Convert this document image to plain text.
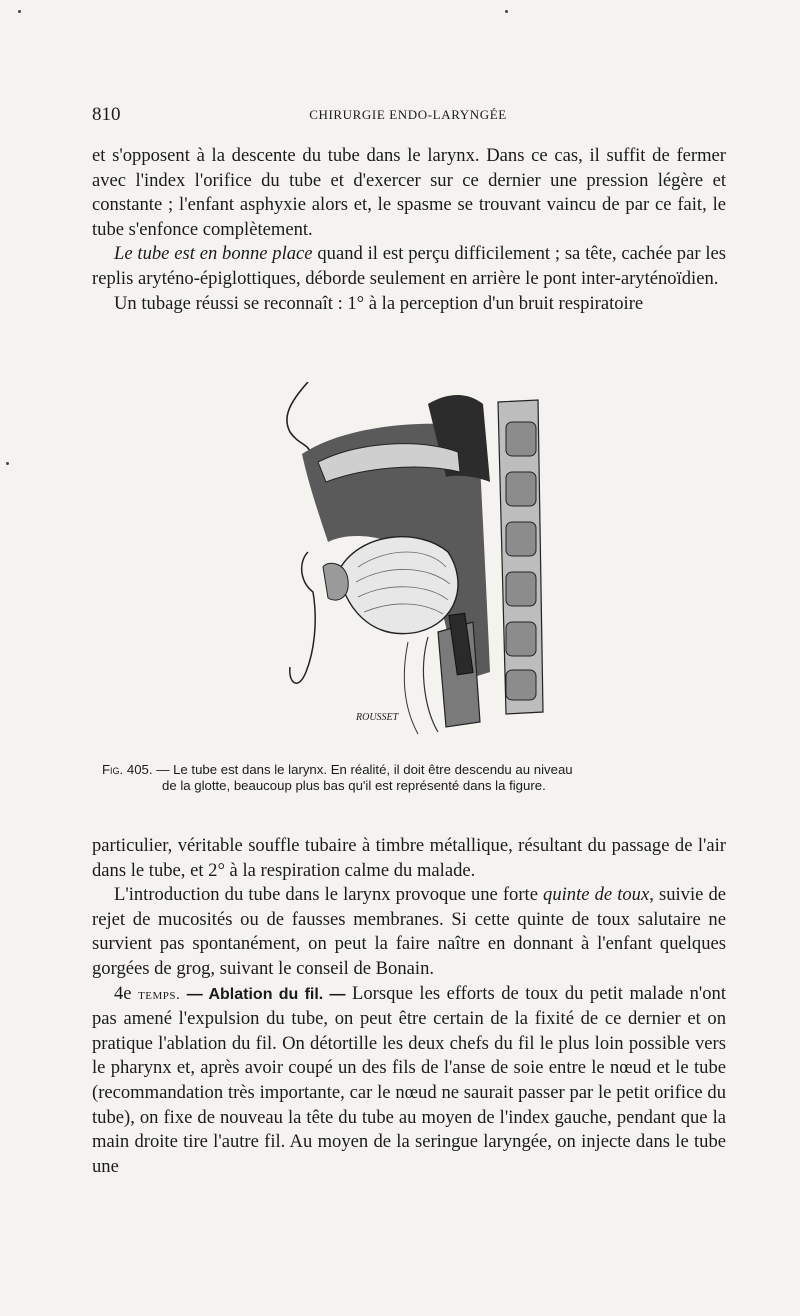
810	CHIRURGIE ENDO-LARYNGÉE

et s'opposent à la descente du tube dans le larynx. Dans ce cas, il suffit de fermer avec l'index l'orifice du tube et d'exercer sur ce dernier une pression légère et constante ; l'enfant asphyxie alors et, le spasme se trouvant vaincu de par ce fait, le tube s'enfonce complètement.

Le tube est en bonne place quand il est perçu difficilement ; sa tête, cachée par les replis aryténo-épiglottiques, déborde seulement en arrière le pont inter-aryténoïdien.

Un tubage réussi se reconnaît : 1° à la perception d'un bruit respiratoire

ROUSSET
Fig. 405. — Le tube est dans le larynx. En réalité, il doit être descendu au niveau
de la glotte, beaucoup plus bas qu'il est représenté dans la figure.

particulier, véritable souffle tubaire à timbre métallique, résultant du passage de l'air dans le tube, et 2° à la respiration calme du malade.

L'introduction du tube dans le larynx provoque une forte quinte de toux, suivie de rejet de mucosités ou de fausses membranes. Si cette quinte de toux salutaire ne survient pas spontanément, on peut la faire naître en donnant à l'enfant quelques gorgées de grog, suivant le conseil de Bonain.

4e temps. — Ablation du fil. — Lorsque les efforts de toux du petit malade n'ont pas amené l'expulsion du tube, on peut être certain de la fixité de ce dernier et on pratique l'ablation du fil. On détortille les deux chefs du fil le plus loin possible vers le pharynx et, après avoir coupé un des fils de l'anse de soie entre le nœud et le tube (recommandation très importante, car le nœud ne saurait passer par le petit orifice du tube), on fixe de nouveau la tête du tube au moyen de l'index gauche, pendant que la main droite tire l'autre fil. Au moyen de la seringue laryngée, on injecte dans le tube une
